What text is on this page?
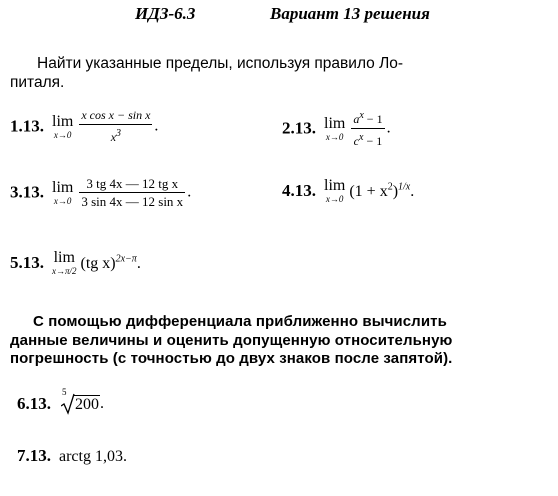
ИДЗ-6.3	Вариант 13 решения
Найти указанные пределы, используя правило Ло-
питаля.
1.13. lim
x→0
$\frac{\text{x cos x − sin x}}{x^3}$ .	2.13. lim
x→0
$\frac{a^x - 1}{c^x - 1}$ .
3.13. lim
x→0
$\frac{\text{3 tg 4x — 12 tg x}}{\text{3 sin 4x — 12 sin x}}$ .	4.13. lim
x→0 $(1 + x^2)^{1/x}$.
5.13. lim
x→π/2 (tg x)$^{2x-\pi}$.
С помощью дифференциала приближенно вычислить
данные величины и оценить допущенную относительную
погрешность (с точностью до двух знаков после запятой).
6.13.
5
200.
7.13. arctg 1,03.
